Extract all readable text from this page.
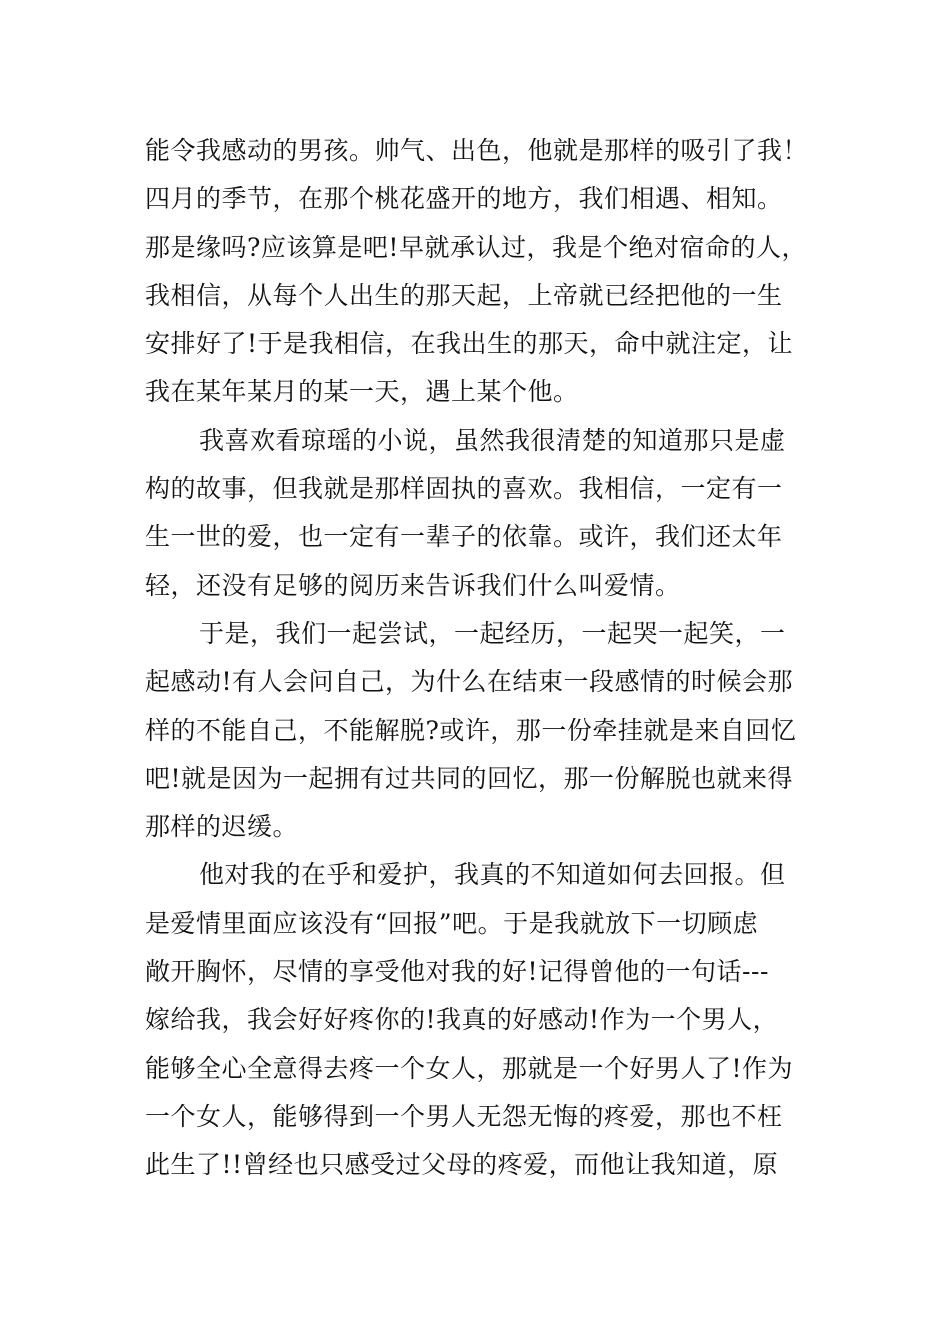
能令我感动的男孩。帅气、出色，他就是那样的吸引了我！
四月的季节，在那个桃花盛开的地方，我们相遇、相知。
那是缘吗?应该算是吧!早就承认过，我是个绝对宿命的人，
我相信，从每个人出生的那天起，上帝就已经把他的一生
安排好了!于是我相信，在我出生的那天，命中就注定，让
我在某年某月的某一天，遇上某个他。
我喜欢看琼瑶的小说，虽然我很清楚的知道那只是虚
构的故事，但我就是那样固执的喜欢。我相信，一定有一
生一世的爱，也一定有一辈子的依靠。或许，我们还太年
轻，还没有足够的阅历来告诉我们什么叫爱情。
于是，我们一起尝试，一起经历，一起哭一起笑，一
起感动!有人会问自己，为什么在结束一段感情的时候会那
样的不能自己，不能解脱?或许，那一份牵挂就是来自回忆
吧!就是因为一起拥有过共同的回忆，那一份解脱也就来得
那样的迟缓。
他对我的在乎和爱护，我真的不知道如何去回报。但
是爱情里面应该没有“回报”吧。于是我就放下一切顾虑
敞开胸怀，尽情的享受他对我的好!记得曾他的一句话---
嫁给我，我会好好疼你的!我真的好感动!作为一个男人，
能够全心全意得去疼一个女人，那就是一个好男人了!作为
一个女人，能够得到一个男人无怨无悔的疼爱，那也不枉
此生了!!曾经也只感受过父母的疼爱，而他让我知道，原
